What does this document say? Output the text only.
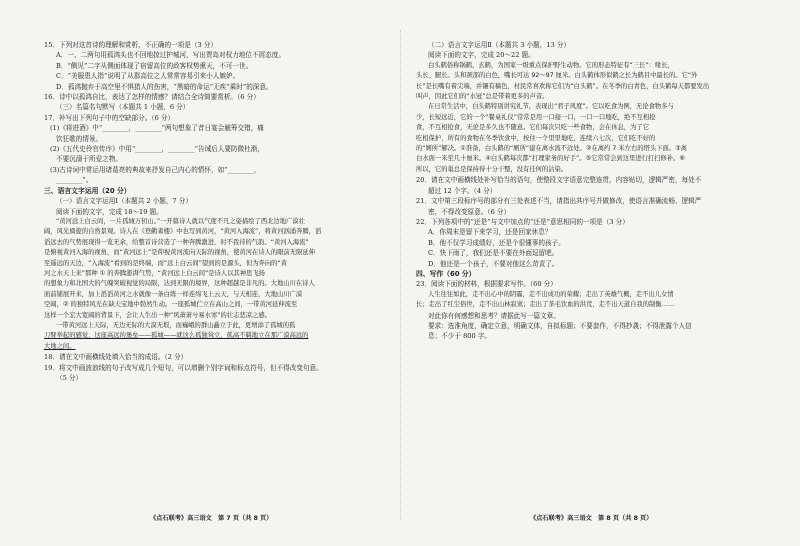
15．下列对这首诗的理解和赏析，不正确的一项是（3 分）
A．一、二两句用孤鸿头也不回地掠过护城河，写出贾岛对权力地位不屑态度。
B．“侧见”二字从侧面体现了宿留高位的政客权势熏天，不可一世。
C．“美服患人指”说明了从郡高位之人常常容易引来小人嫉妒。
D．孤鸿抛弃于高空里不惧猎人的伤害，“黑暗的命运”无疾“乘时”的深意。
16．诗中以孤鸿自比，表达了怎样的情感？请结合全诗简要赏析。（6 分）
（三）名篇名句默写（本题共 1 小题，6 分）
17．补写出下列句子中的空缺部分。（6 分）
(1)《将进酒》中“________，________”两句想象了昔日宴会觥筹交错，痛
饮狂歌的情景。
(2)《五代史伶官传序》中用“________，________”告诫后人要防微杜渐，
不要沉溺于所爱之物。
(3)古诗词中常运用诸葛亮的典故来抒发自己内心的情怀，如“________，
________”。
三、语言文字运用（20 分）
（一）语言文字运用Ⅰ（本题共 2 小题，7 分）
阅读下面的文字，完成 18～19 题。
“黄河远上白云间，一片孤城万仞山。”一开篇诗人就以气度不凡之姿描绘了西北边地广漠壮
阔，风光旖旎的自然景观。诗人在《登鹳雀楼》中也写到黄河，“黄河入海流”，将黄河汹涌奔腾，滔
滔远去的气势展现得一览无余，给整首诗营造了一种奔腾激进，时不我待的气韵。“黄河入海流”
是俯视黄河入海的视角，而“黄河远上”是仰视黄河流向天际的视角，使黄河在诗人的眼前无限延伸
至遥远的天边，“入海流”看到的是终端，而“远上白云间”望到的是源头，但为奔向的“黄
河之水天上来”那种 ① 的奔腾澎湃气势，“黄河远上白云间”是诗人以其神思飞扬
的想象力和北国大的气魄突破视觉的局限，达到无限的境界，这种超越是非凡的。大地山川在诗人
面前铺展开来，加上滔滔黄河之水就像一条白练一样连绵飞上云天，与天相连，大地山川广漠
空阔，② 的独特风光在缺天宝地中勃然生动。一座孤城伫立在高山之间，一带黄河延伸流至
这样一个宏大宽阔的背景下，会让人生出一种“风萧萧兮易水寒”的壮志悲凉之感。
一带黄河远上天际，无边无际的大漠无垠，而巍峨的群山矗立于此，更增添了孤城的孤
刀臂举起的感觉，这座高远的堡垒——孤城——就这么孤独耸立，孤高不羁地立在那广漠高远的
大地之间。
18．请在文中画横线处填入恰当的成语。（2 分）
19．将文中画波浪线的句子改写成几个短句，可以增删个别字词和标点符号，但不得改变句意。
（5 分）
（二）语言文字运用Ⅱ（本题共 3 小题，13 分）
阅读下面的文字，完成 20～22 题。
白头鹤俗称锅鹤，玄鹤，为国家一级重点保护野生动物。它的形态特征有“三长”：喙长，
头长、腿长。头和颈部的白色，嘴长可达 92～97 厘米。白头鹤体形似鹤之长为鹤目中最长的。它“外
长”是长嘴有着尖端，并镶有稿色，村民常喜欢称它们为“白头鹤”。在冬季的白青色，白头鹤每天都要发出
叫声，因此它们的“水冠”总是带着更多的声音。
在日常生活中，白头鹤特别讲究礼节，表现出“君子风度”。它以吃食为例，无论食物多与
少，长短远近，它的一个“餐桌礼仪”常常是用一口接一口，一口一口地吃，绝不互相抢
食，不互相抢食，无论是多久也不随意。它们每次只吃一些食物，会在休息，为了它
吃相保护，所有的食物在冬季饮食中，按住一个里里地吃，连续六七次，它们吃不好的
的“厕所”解决。①准备，白头鹤的“厕所”建在离水流不远处。②在离约 7 米左右的塔头下面。③离
白水面一米至几十厘米。④白头鹤每次都“打理家务的好手”。⑤它常常会到这里进行打扫修补。⑥
所以，它的巢总是保持得十分干整，没有任何的沾染。
20．请在文中画横线处补写恰当的语句，使整段文字语意完整连贯，内容贴切，逻辑严密，每处不
超过 12 个字。（4 分）
21．文中第三段标序号的部分有三处表述不当，请指出其序号并做修改，使语言准确流畅、逻辑严
密，不得改变原意。（6 分）
22．下列各项中的“还是”与文中加点的“还是”意思相同的一项是（3 分）
A．你周末是留下来学习，还是回家休息？
B．他不仅学习成绩好，还是个很懂事的孩子。
C．快下雨了，我们还是不要在外面逗留吧。
D．他还是一个孩子，不要对他这么苛责了。
四、写作（60 分）
23．阅读下面的材料，根据要求写作。（60 分）
人生往往如此，走不出心中的阴霾，走不出成功的荣耀；走出了英雄气概，走不出儿女情
长；走出了红尘俗世，走不出山林寂寞；走出了茶毛饮血的洪荒，走不出天道自我的制衡……
对此你有何感想和思考？请据此写一篇文章。
要求：选准角度，确定立意，明确文体，自拟标题；不要套作，不得抄袭；不得泄露个人信
息；不少于 800 字。
《点石联考》高三语文　第 7 页（共 8 页）	《点石联考》高三语文　第 8 页（共 8 页）
